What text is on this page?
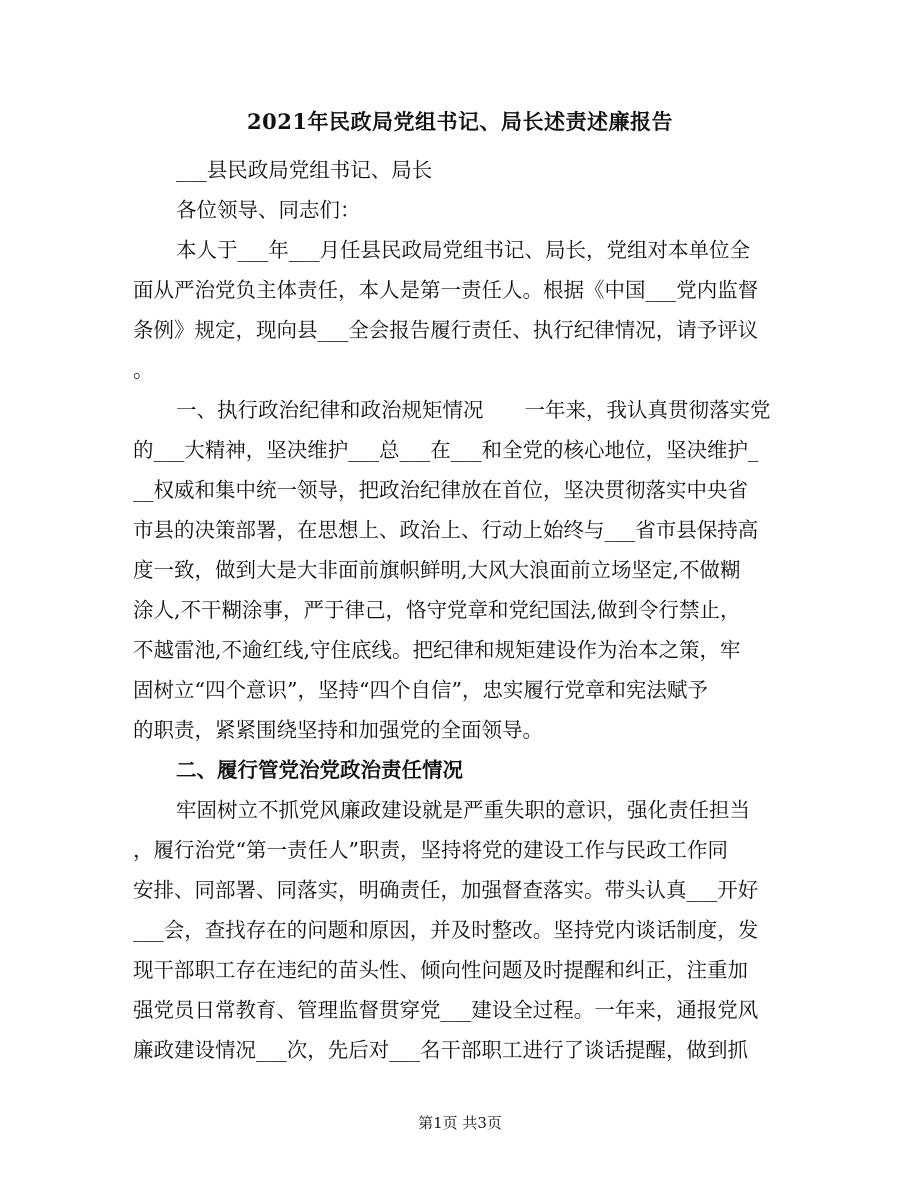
2021年民政局党组书记、局长述责述廉报告
___县民政局党组书记、局长
各位领导、同志们：
本人于___年___月任县民政局党组书记、局长，党组对本单位全
面从严治党负主体责任，本人是第一责任人。根据《中国___党内监督
条例》规定，现向县___全会报告履行责任、执行纪律情况，请予评议
。
一、执行政治纪律和政治规矩情况　　一年来，我认真贯彻落实党
的___大精神，坚决维护___总___在___和全党的核心地位，坚决维护_
__权威和集中统一领导，把政治纪律放在首位，坚决贯彻落实中央省
市县的决策部署，在思想上、政治上、行动上始终与___省市县保持高
度一致，做到大是大非面前旗帜鲜明,大风大浪面前立场坚定,不做糊
涂人,不干糊涂事，严于律己，恪守党章和党纪国法,做到令行禁止，
不越雷池,不逾红线,守住底线。把纪律和规矩建设作为治本之策，牢
固树立“四个意识”，坚持“四个自信”，忠实履行党章和宪法赋予
的职责，紧紧围绕坚持和加强党的全面领导。
二、履行管党治党政治责任情况
牢固树立不抓党风廉政建设就是严重失职的意识，强化责任担当
，履行治党“第一责任人”职责，坚持将党的建设工作与民政工作同
安排、同部署、同落实，明确责任，加强督查落实。带头认真___开好
___会，查找存在的问题和原因，并及时整改。坚持党内谈话制度，发
现干部职工存在违纪的苗头性、倾向性问题及时提醒和纠正，注重加
强党员日常教育、管理监督贯穿党___建设全过程。一年来，通报党风
廉政建设情况___次，先后对___名干部职工进行了谈话提醒，做到抓
第1页 共3页
